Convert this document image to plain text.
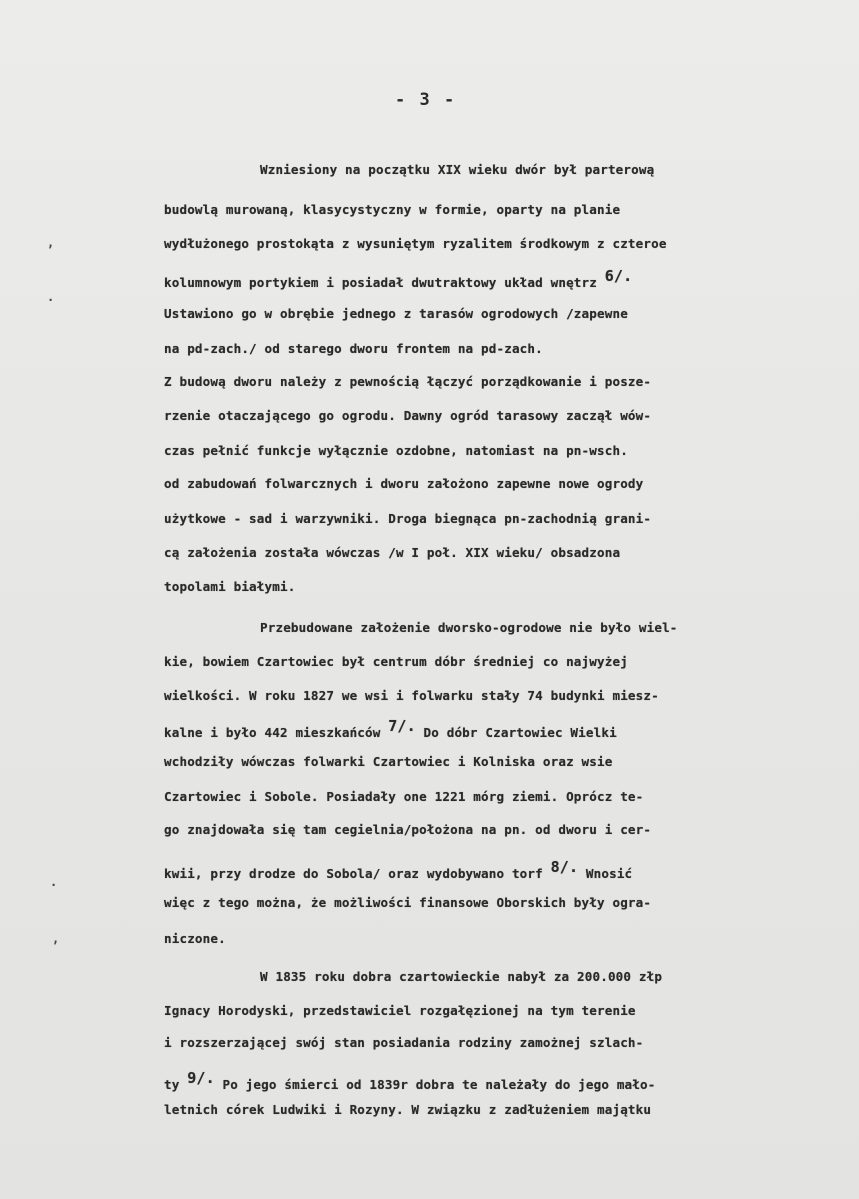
- 3 -
,
·
·
,
Wzniesiony na początku XIX wieku dwór był parterową
budowlą murowaną, klasycystyczny w formie, oparty na planie
wydłużonego prostokąta z wysuniętym ryzalitem środkowym z czteroe
kolumnowym portykiem i posiadał dwutraktowy układ wnętrz $^{6/.}$
Ustawiono go w obrębie jednego z tarasów ogrodowych /zapewne
na pd-zach./ od starego dworu frontem na pd-zach.
Z budową dworu należy z pewnością łączyć porządkowanie i posze-
rzenie otaczającego go ogrodu. Dawny ogród tarasowy zaczął wów-
czas pełnić funkcje wyłącznie ozdobne, natomiast na pn-wsch.
od zabudowań folwarcznych i dworu założono zapewne nowe ogrody
użytkowe - sad i warzywniki. Droga biegnąca pn-zachodnią grani-
cą założenia została wówczas /w I poł. XIX wieku/ obsadzona
topolami białymi.
Przebudowane założenie dworsko-ogrodowe nie było wiel-
kie, bowiem Czartowiec był centrum dóbr średniej co najwyżej
wielkości. W roku 1827 we wsi i folwarku stały 74 budynki miesz-
kalne i było 442 mieszkańców $^{7/.}$ Do dóbr Czartowiec Wielki
wchodziły wówczas folwarki Czartowiec i Kolniska oraz wsie
Czartowiec i Sobole. Posiadały one 1221 mórg ziemi. Oprócz te-
go znajdowała się tam cegielnia/położona na pn. od dworu i cer-
kwii, przy drodze do Sobola/ oraz wydobywano torf $^{8/.}$ Wnosić
więc z tego można, że możliwości finansowe Oborskich były ogra-
niczone.
W 1835 roku dobra czartowieckie nabył za 200.000 złp
Ignacy Horodyski, przedstawiciel rozgałęzionej na tym terenie
i rozszerzającej swój stan posiadania rodziny zamożnej szlach-
ty $^{9/.}$ Po jego śmierci od 1839r dobra te należały do jego mało-
letnich córek Ludwiki i Rozyny. W związku z zadłużeniem majątku
